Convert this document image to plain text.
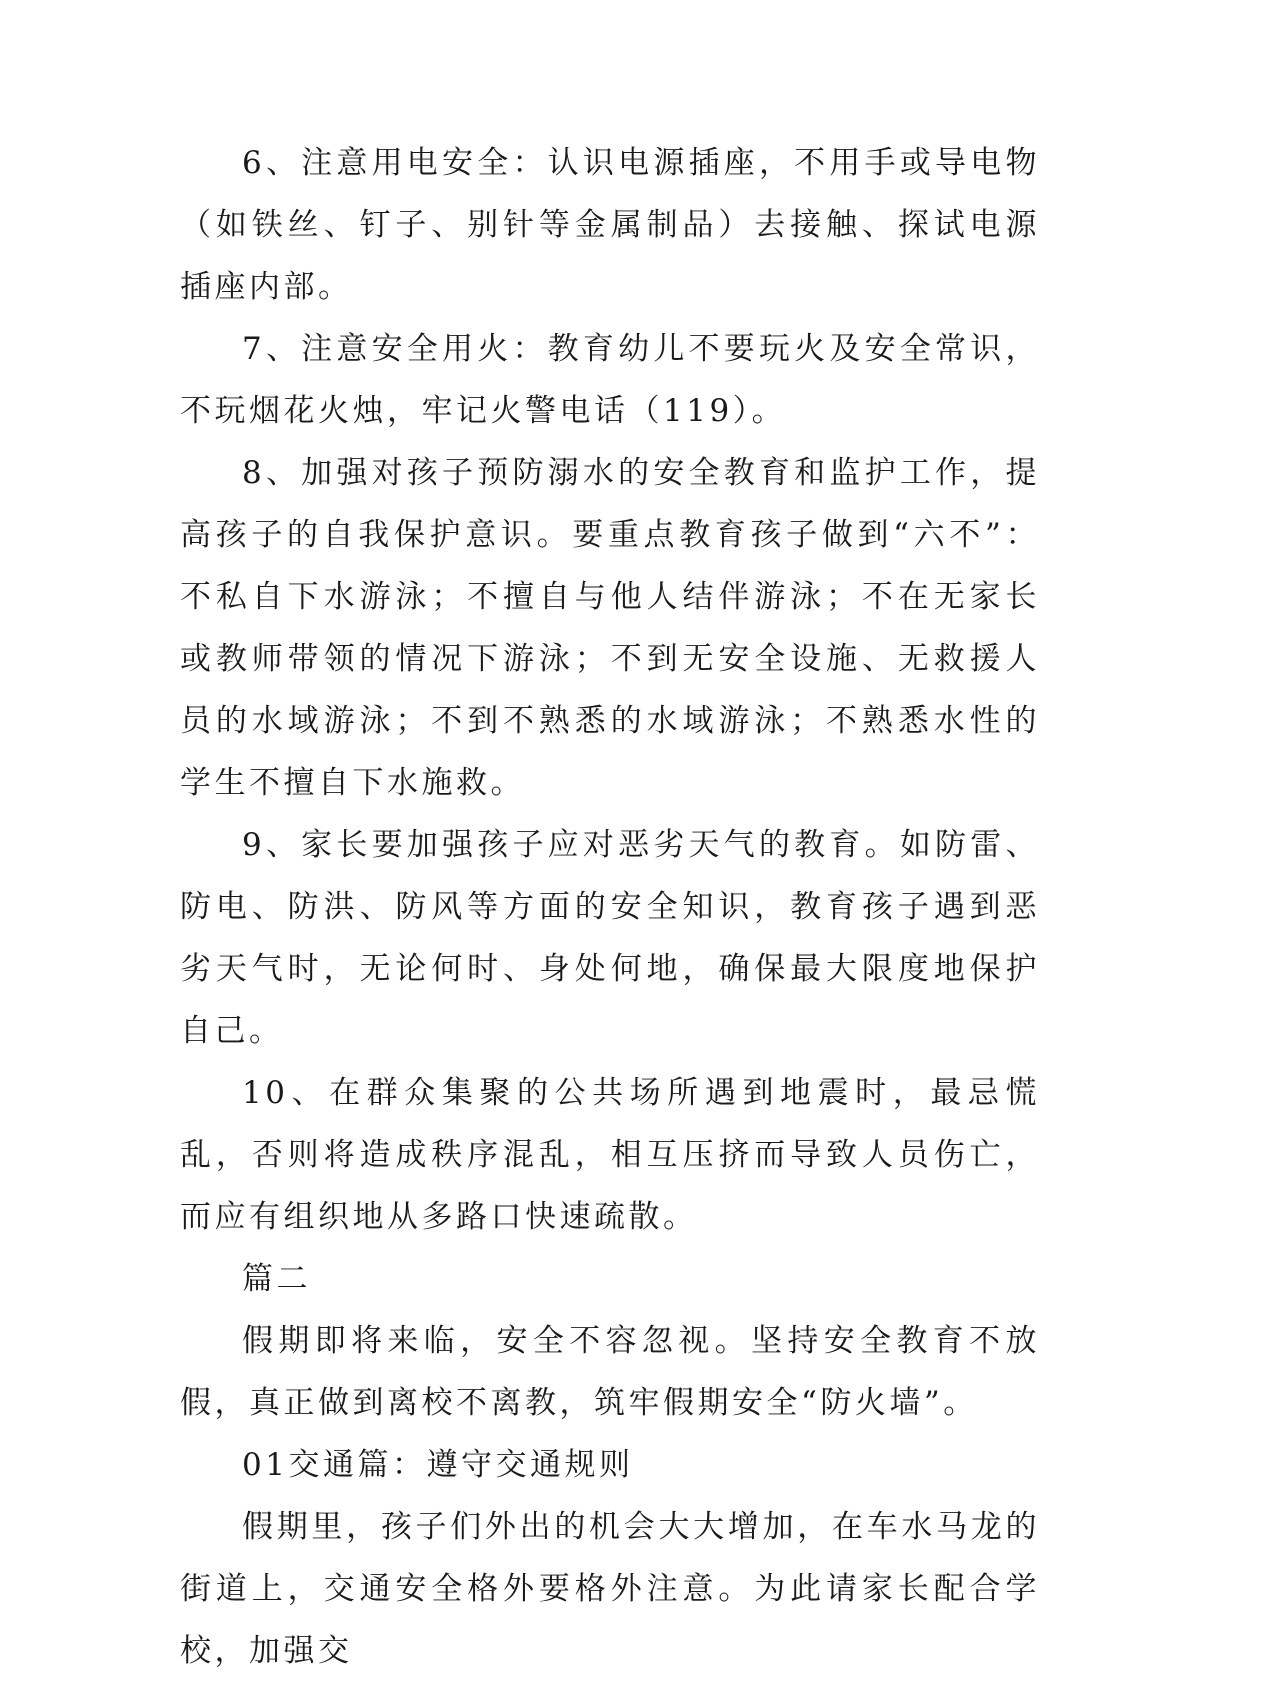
6、注意用电安全：认识电源插座，不用手或导电物（如铁丝、钉子、别针等金属制品）去接触、探试电源插座内部。

7、注意安全用火：教育幼儿不要玩火及安全常识，不玩烟花火烛，牢记火警电话（119）。

8、加强对孩子预防溺水的安全教育和监护工作，提高孩子的自我保护意识。要重点教育孩子做到“六不”：不私自下水游泳；不擅自与他人结伴游泳；不在无家长或教师带领的情况下游泳；不到无安全设施、无救援人员的水域游泳；不到不熟悉的水域游泳；不熟悉水性的学生不擅自下水施救。

9、家长要加强孩子应对恶劣天气的教育。如防雷、防电、防洪、防风等方面的安全知识，教育孩子遇到恶劣天气时，无论何时、身处何地，确保最大限度地保护自己。

10、在群众集聚的公共场所遇到地震时，最忌慌乱，否则将造成秩序混乱，相互压挤而导致人员伤亡，而应有组织地从多路口快速疏散。

篇二

假期即将来临，安全不容忽视。坚持安全教育不放假，真正做到离校不离教，筑牢假期安全“防火墙”。

01交通篇：遵守交通规则

假期里，孩子们外出的机会大大增加，在车水马龙的街道上，交通安全格外要格外注意。为此请家长配合学校，加强交
